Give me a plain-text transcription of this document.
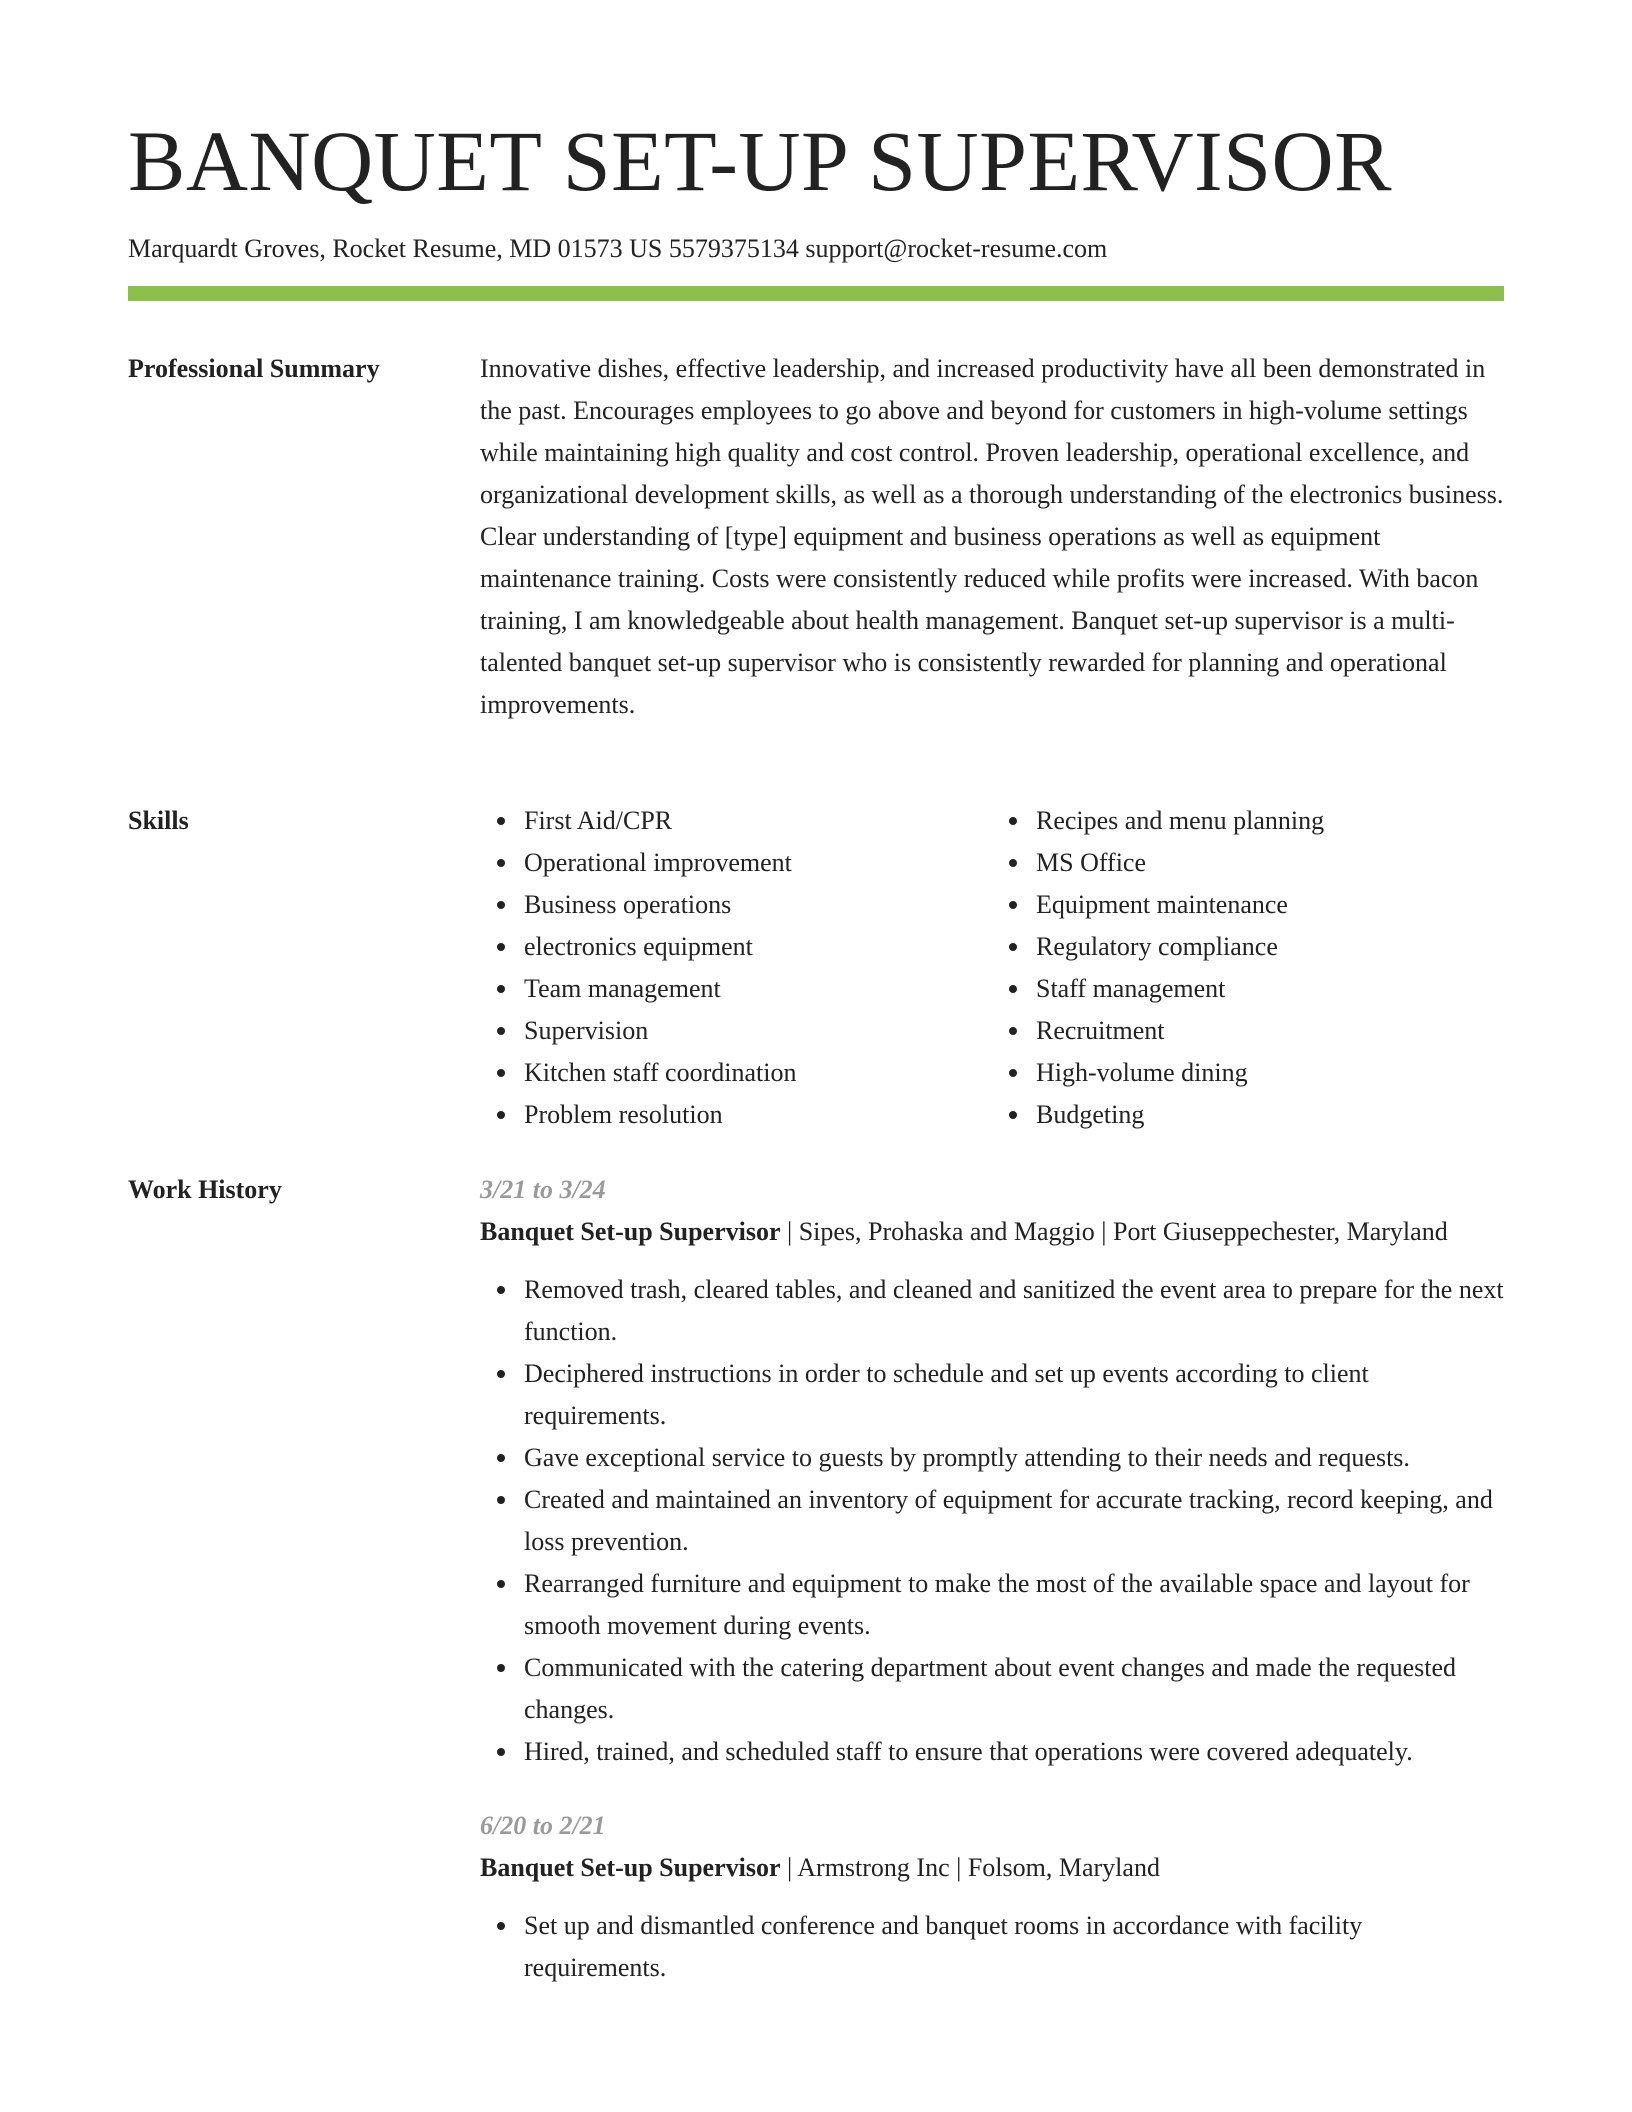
BANQUET SET-UP SUPERVISOR
Marquardt Groves, Rocket Resume, MD 01573 US 5579375134 support@rocket-resume.com
Professional Summary	Innovative dishes, effective leadership, and increased productivity have all been demonstrated in the past. Encourages employees to go above and beyond for customers in high-volume settings while maintaining high quality and cost control. Proven leadership, operational excellence, and organizational development skills, as well as a thorough understanding of the electronics business. Clear understanding of [type] equipment and business operations as well as equipment maintenance training. Costs were consistently reduced while profits were increased. With bacon training, I am knowledgeable about health management. Banquet set-up supervisor is a multi-talented banquet set-up supervisor who is consistently rewarded for planning and operational improvements.

Skills	First Aid/CPR
Operational improvement
Business operations
electronics equipment
Team management
Supervision
Kitchen staff coordination
Problem resolution
Recipes and menu planning
MS Office
Equipment maintenance
Regulatory compliance
Staff management
Recruitment
High-volume dining
Budgeting
Work History	3/21 to 3/24
Banquet Set-up Supervisor | Sipes, Prohaska and Maggio | Port Giuseppechester, Maryland
Removed trash, cleared tables, and cleaned and sanitized the event area to prepare for the next function.
Deciphered instructions in order to schedule and set up events according to client requirements.
Gave exceptional service to guests by promptly attending to their needs and requests.
Created and maintained an inventory of equipment for accurate tracking, record keeping, and loss prevention.
Rearranged furniture and equipment to make the most of the available space and layout for smooth movement during events.
Communicated with the catering department about event changes and made the requested changes.
Hired, trained, and scheduled staff to ensure that operations were covered adequately.
6/20 to 2/21
Banquet Set-up Supervisor | Armstrong Inc | Folsom, Maryland
Set up and dismantled conference and banquet rooms in accordance with facility requirements.
